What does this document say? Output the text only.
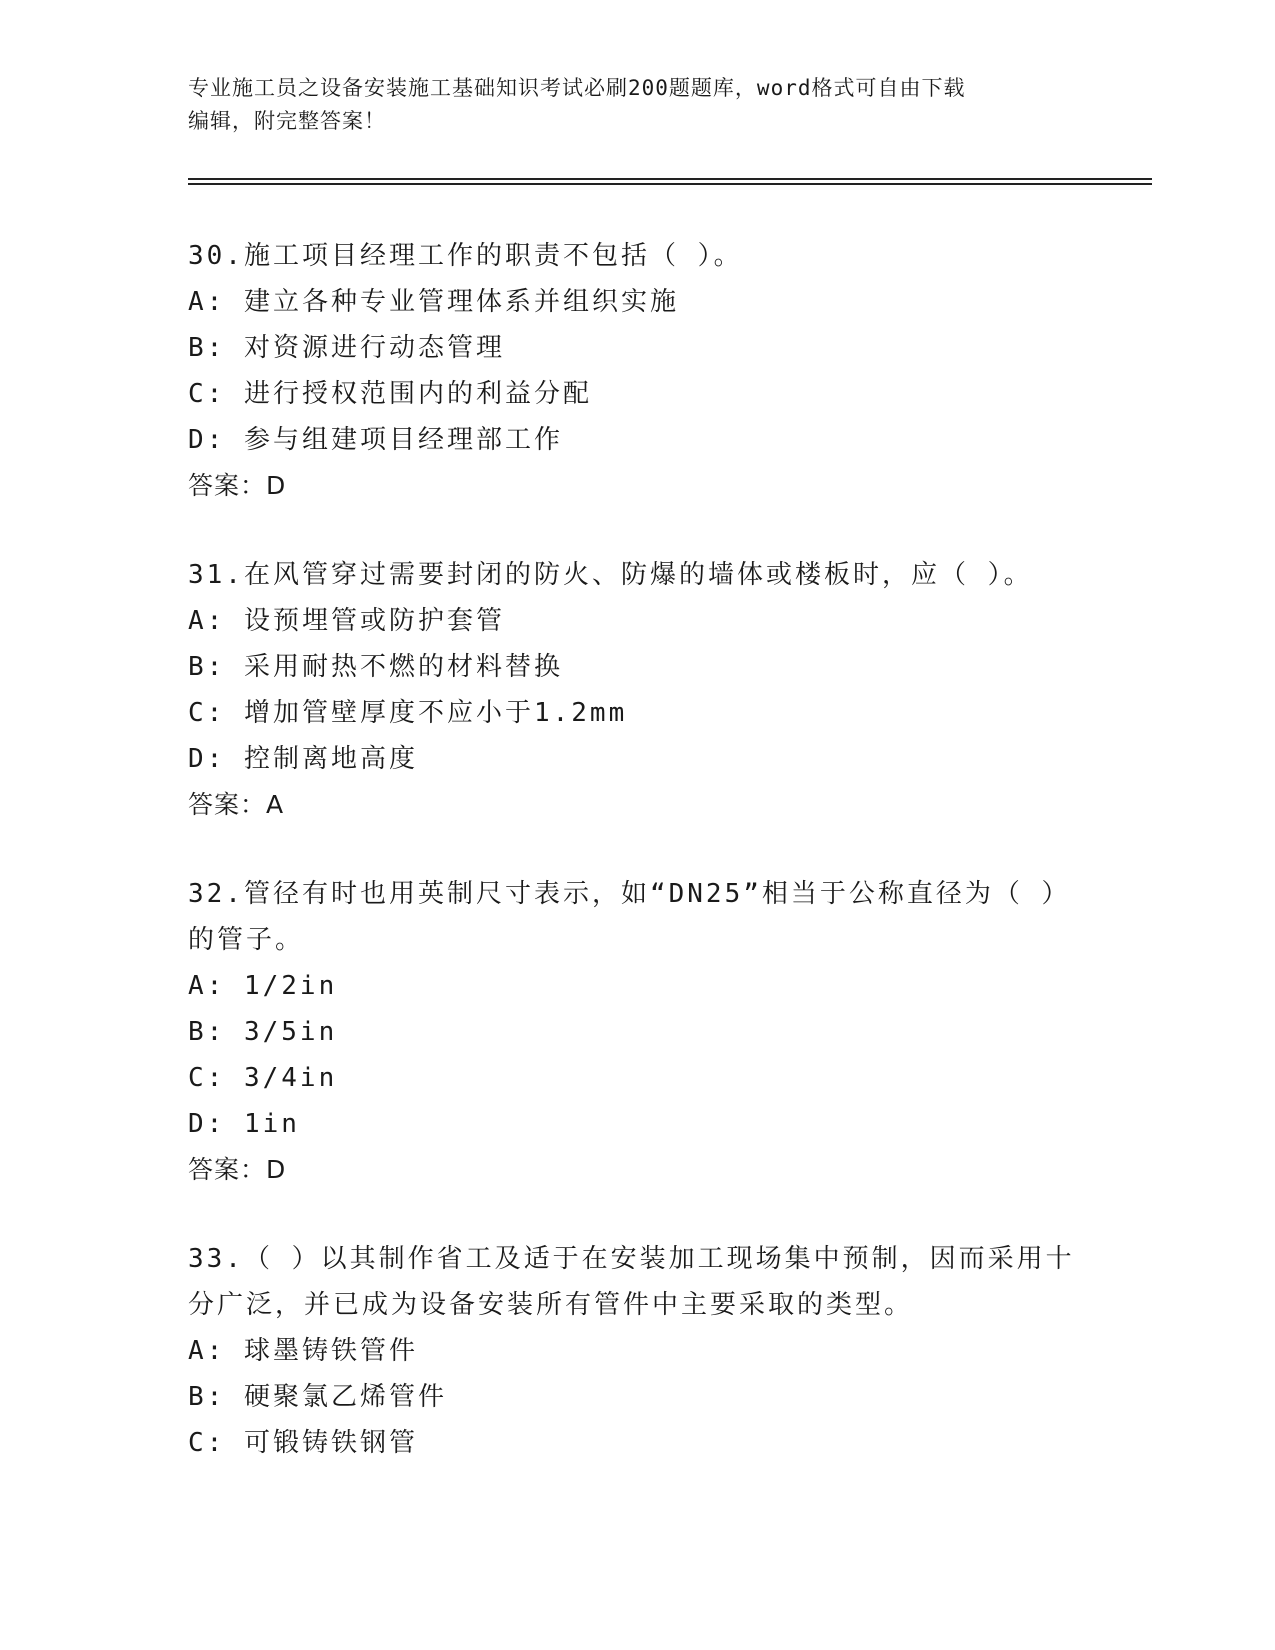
专业施工员之设备安装施工基础知识考试必刷200题题库，word格式可自由下载
编辑，附完整答案！
30.施工项目经理工作的职责不包括（ ）。
A: 建立各种专业管理体系并组织实施
B: 对资源进行动态管理
C: 进行授权范围内的利益分配
D: 参与组建项目经理部工作
答案：D
31.在风管穿过需要封闭的防火、防爆的墙体或楼板时，应（ ）。
A: 设预埋管或防护套管
B: 采用耐热不燃的材料替换
C: 增加管壁厚度不应小于1.2mm
D: 控制离地高度
答案：A
32.管径有时也用英制尺寸表示，如“DN25”相当于公称直径为（ ）
的管子。
A: 1/2in
B: 3/5in
C: 3/4in
D: 1in
答案：D
33.（ ）以其制作省工及适于在安装加工现场集中预制，因而采用十
分广泛，并已成为设备安装所有管件中主要采取的类型。
A: 球墨铸铁管件
B: 硬聚氯乙烯管件
C: 可锻铸铁钢管
